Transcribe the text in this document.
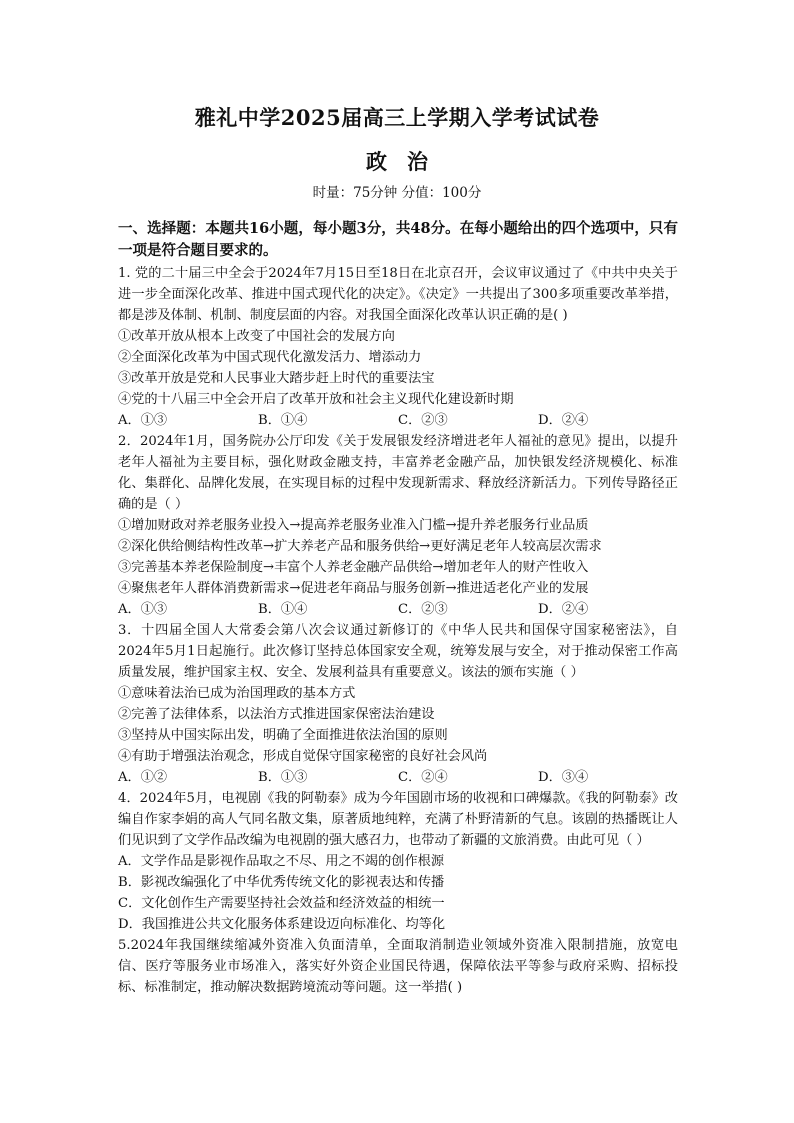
雅礼中学2025届高三上学期入学考试试卷
政治
时量：75分钟 分值：100分
一、选择题：本题共16小题，每小题3分，共48分。在每小题给出的四个选项中，只有一项是符合题目要求的。
1. 党的二十届三中全会于2024年7月15日至18日在北京召开，会议审议通过了《中共中央关于进一步全面深化改革、推进中国式现代化的决定》。《决定》一共提出了300多项重要改革举措，都是涉及体制、机制、制度层面的内容。对我国全面深化改革认识正确的是( )
①改革开放从根本上改变了中国社会的发展方向
②全面深化改革为中国式现代化激发活力、增添动力
③改革开放是党和人民事业大踏步赶上时代的重要法宝
④党的十八届三中全会开启了改革开放和社会主义现代化建设新时期
A．①③	B．①④	C．②③	D．②④
2．2024年1月，国务院办公厅印发《关于发展银发经济增进老年人福祉的意见》提出，以提升老年人福祉为主要目标，强化财政金融支持，丰富养老金融产品，加快银发经济规模化、标准化、集群化、品牌化发展，在实现目标的过程中发现新需求、释放经济新活力。下列传导路径正确的是（ ）
①增加财政对养老服务业投入→提高养老服务业准入门槛→提升养老服务行业品质
②深化供给侧结构性改革→扩大养老产品和服务供给→更好满足老年人较高层次需求
③完善基本养老保险制度→丰富个人养老金融产品供给→增加老年人的财产性收入
④聚焦老年人群体消费新需求→促进老年商品与服务创新→推进适老化产业的发展
A．①③	B．①④	C．②③	D．②④
3．十四届全国人大常委会第八次会议通过新修订的《中华人民共和国保守国家秘密法》，自2024年5月1日起施行。此次修订坚持总体国家安全观，统筹发展与安全，对于推动保密工作高质量发展，维护国家主权、安全、发展利益具有重要意义。该法的颁布实施（ ）
①意味着法治已成为治国理政的基本方式
②完善了法律体系，以法治方式推进国家保密法治建设
③坚持从中国实际出发，明确了全面推进依法治国的原则
④有助于增强法治观念，形成自觉保守国家秘密的良好社会风尚
A．①②	B．①③	C．②④	D．③④
4．2024年5月，电视剧《我的阿勒泰》成为今年国剧市场的收视和口碑爆款。《我的阿勒泰》改编自作家李娟的高人气同名散文集，原著质地纯粹，充满了朴野清新的气息。该剧的热播既让人们见识到了文学作品改编为电视剧的强大感召力，也带动了新疆的文旅消费。由此可见（ ）
A．文学作品是影视作品取之不尽、用之不竭的创作根源
B．影视改编强化了中华优秀传统文化的影视表达和传播
C．文化创作生产需要坚持社会效益和经济效益的相统一
D．我国推进公共文化服务体系建设迈向标准化、均等化
5.2024年我国继续缩减外资准入负面清单，全面取消制造业领域外资准入限制措施，放宽电信、医疗等服务业市场准入，落实好外资企业国民待遇，保障依法平等参与政府采购、招标投标、标准制定，推动解决数据跨境流动等问题。这一举措( )
